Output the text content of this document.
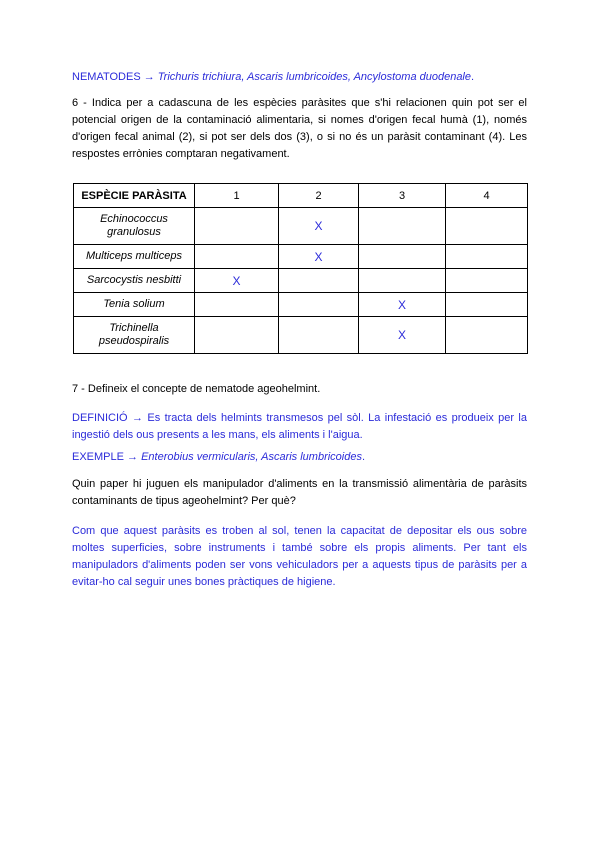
NEMATODES → Trichuris trichiura, Ascaris lumbricoides, Ancylostoma duodenale.

6 - Indica per a cadascuna de les espècies paràsites que s'hi relacionen quin pot ser el potencial origen de la contaminació alimentaria, si nomes d'origen fecal humà (1), només d'origen fecal animal (2), si pot ser dels dos (3), o si no és un paràsit contaminant (4). Les respostes errònies comptaran negativament.

ESPÈCIE PARÀSITA	1	2	3	4
Echinococcus granulosus		X		
Multiceps multiceps		X		
Sarcocystis nesbitti	X			
Tenia solium			X	
Trichinella pseudospiralis			X	

7 - Defineix el concepte de nematode ageohelmint.

DEFINICIÓ → Es tracta dels helmints transmesos pel sòl. La infestació es produeix per la ingestió dels ous presents a les mans, els aliments i l'aigua.

EXEMPLE → Enterobius vermicularis, Ascaris lumbricoides.

Quin paper hi juguen els manipulador d'aliments en la transmissió alimentària de paràsits contaminants de tipus ageohelmint? Per què?

Com que aquest paràsits es troben al sol, tenen la capacitat de depositar els ous sobre moltes superficies, sobre instruments i també sobre els propis aliments. Per tant els manipuladors d'aliments poden ser vons vehiculadors per a aquests tipus de paràsits per a evitar-ho cal seguir unes bones pràctiques de higiene.
